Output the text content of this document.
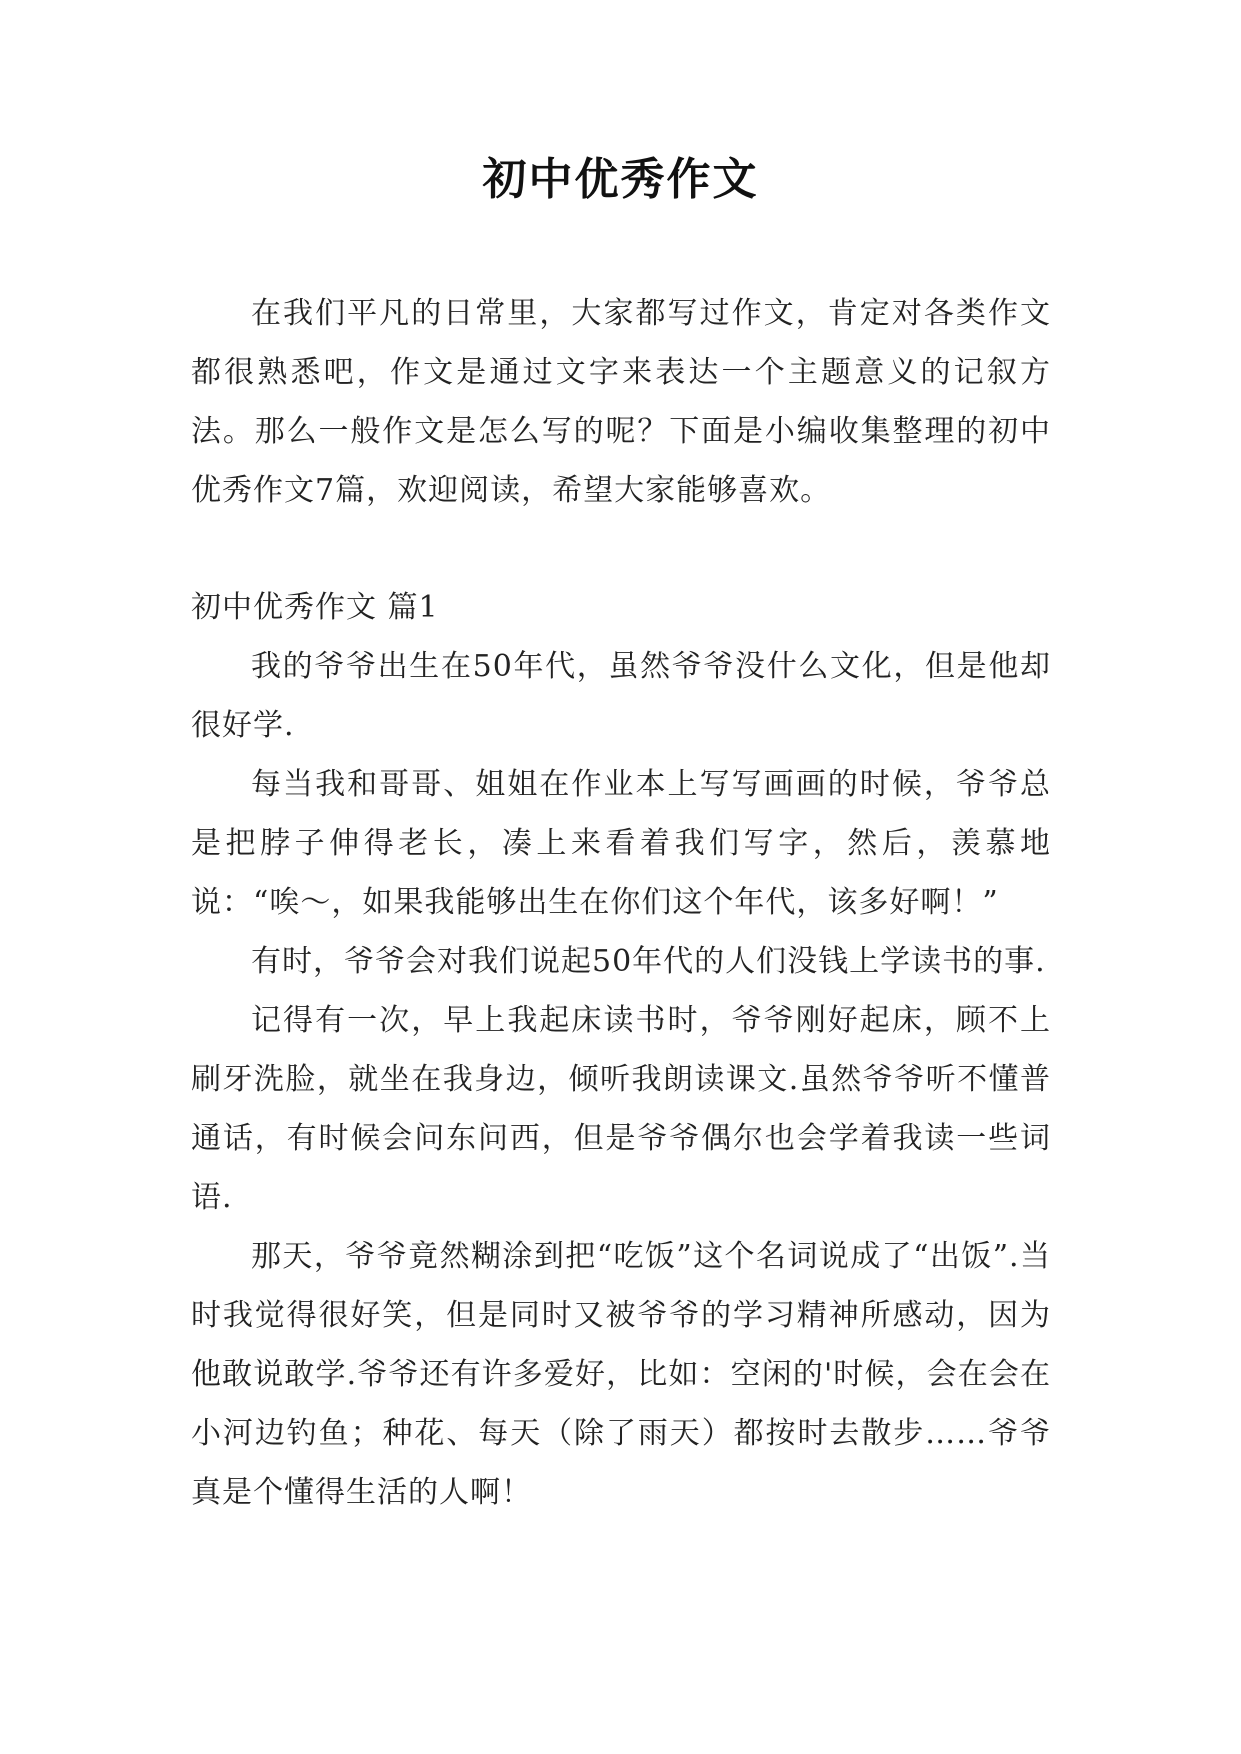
初中优秀作文

在我们平凡的日常里，大家都写过作文，肯定对各类作文都很熟悉吧，作文是通过文字来表达一个主题意义的记叙方法。那么一般作文是怎么写的呢？下面是小编收集整理的初中优秀作文7篇，欢迎阅读，希望大家能够喜欢。

初中优秀作文 篇1

我的爷爷出生在50年代，虽然爷爷没什么文化，但是他却很好学.

每当我和哥哥、姐姐在作业本上写写画画的时候，爷爷总是把脖子伸得老长，凑上来看着我们写字，然后，羡慕地说：“唉～，如果我能够出生在你们这个年代，该多好啊！”

有时，爷爷会对我们说起50年代的人们没钱上学读书的事.

记得有一次，早上我起床读书时，爷爷刚好起床，顾不上刷牙洗脸，就坐在我身边，倾听我朗读课文.虽然爷爷听不懂普通话，有时候会问东问西，但是爷爷偶尔也会学着我读一些词语.

那天，爷爷竟然糊涂到把“吃饭”这个名词说成了“出饭”.当时我觉得很好笑，但是同时又被爷爷的学习精神所感动，因为他敢说敢学.爷爷还有许多爱好，比如：空闲的'时候，会在会在小河边钓鱼；种花、每天（除了雨天）都按时去散步……爷爷真是个懂得生活的人啊！
